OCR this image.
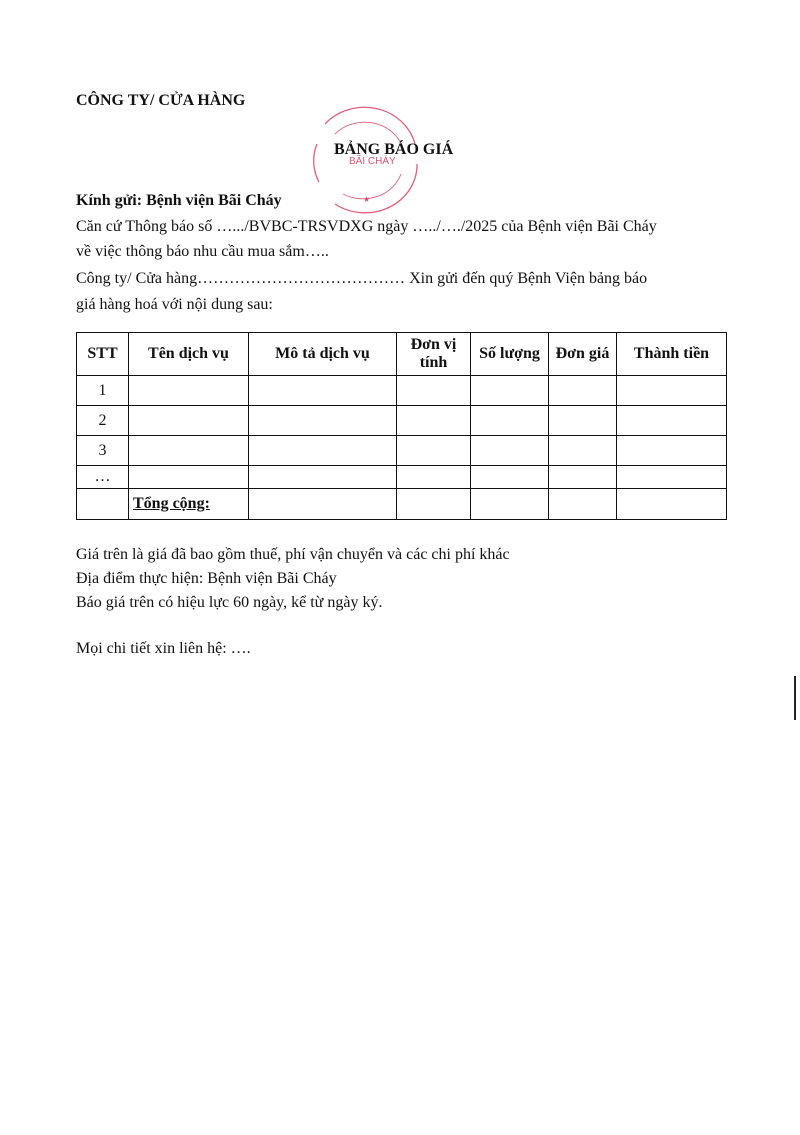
CÔNG TY/ CỬA HÀNG
BÃI CHÁY
★
BẢNG BÁO GIÁ
Kính gửi: Bệnh viện Bãi Cháy
Căn cứ Thông báo số ….../BVBC-TRSVDXG ngày …../…./2025 của Bệnh viện Bãi Cháy
về việc thông báo nhu cầu mua sắm…..
Công ty/ Cửa hàng………………………………… Xin gửi đến quý Bệnh Viện bảng báo
giá hàng hoá với nội dung sau:
STT	Tên dịch vụ	Mô tả dịch vụ	Đơn vị tính	Số lượng	Đơn giá	Thành tiền
1						
2						
3						
…						
	Tổng cộng:					
Giá trên là giá đã bao gồm thuế, phí vận chuyển và các chi phí khác
Địa điểm thực hiện: Bệnh viện Bãi Cháy
Báo giá trên có hiệu lực 60 ngày, kể từ ngày ký.
Mọi chi tiết xin liên hệ: ….
